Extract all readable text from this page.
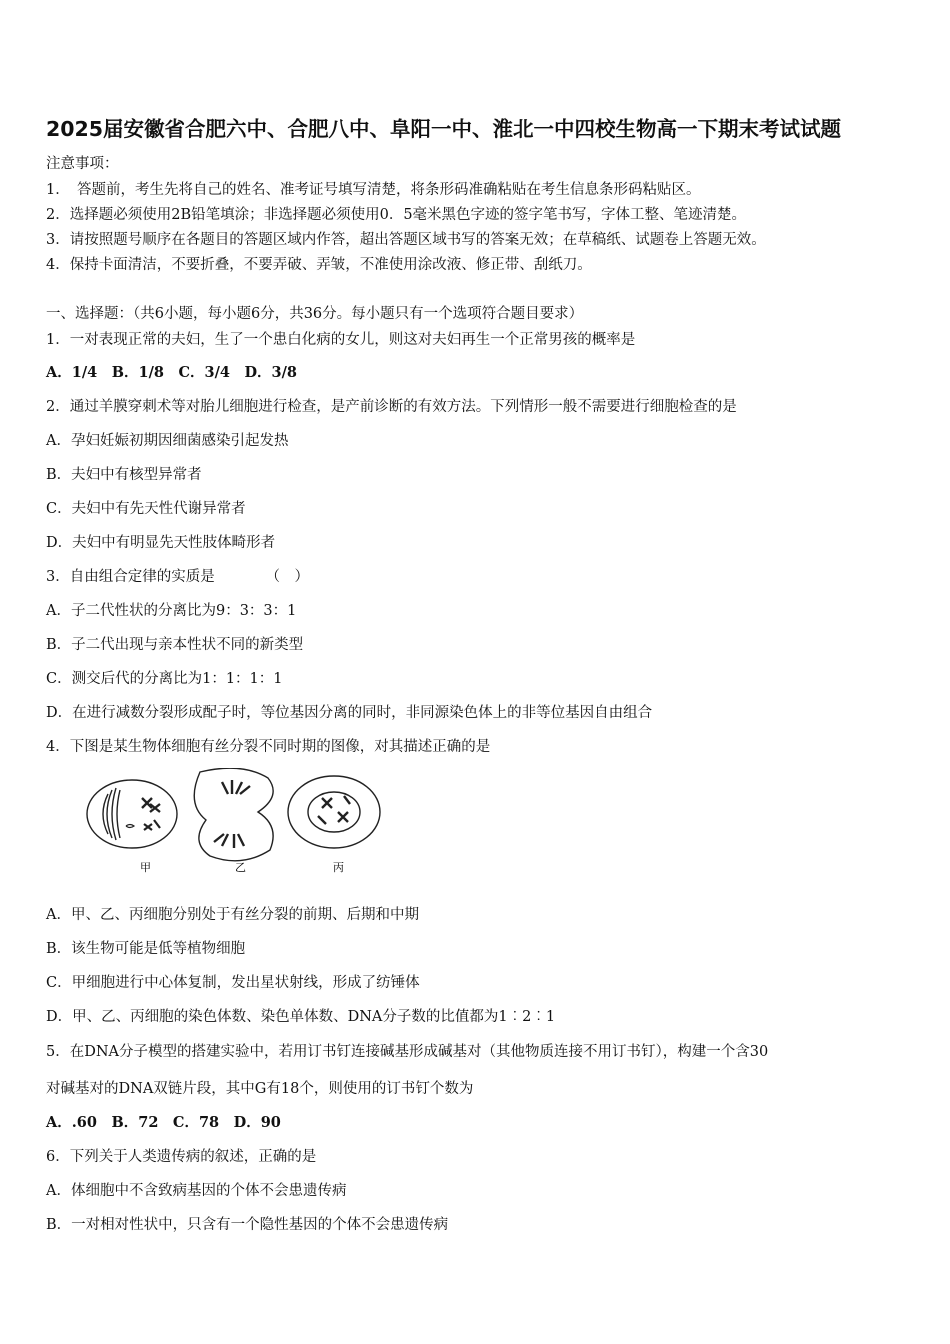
2025届安徽省合肥六中、合肥八中、阜阳一中、淮北一中四校生物高一下期末考试试题
注意事项：
1．　答题前，考生先将自己的姓名、准考证号填写清楚，将条形码准确粘贴在考生信息条形码粘贴区。
2．选择题必须使用2B铅笔填涂；非选择题必须使用0．5毫米黑色字迹的签字笔书写，字体工整、笔迹清楚。
3．请按照题号顺序在各题目的答题区域内作答，超出答题区域书写的答案无效；在草稿纸、试题卷上答题无效。
4．保持卡面清洁，不要折叠，不要弄破、弄皱，不准使用涂改液、修正带、刮纸刀。
一、选择题：（共6小题，每小题6分，共36分。每小题只有一个选项符合题目要求）
1．一对表现正常的夫妇，生了一个患白化病的女儿，则这对夫妇再生一个正常男孩的概率是
A．1/4　B．1/8　C．3/4　D．3/8
2．通过羊膜穿刺术等对胎儿细胞进行检查，是产前诊断的有效方法。下列情形一般不需要进行细胞检查的是
A．孕妇妊娠初期因细菌感染引起发热
B．夫妇中有核型异常者
C．夫妇中有先天性代谢异常者
D．夫妇中有明显先天性肢体畸形者
3．自由组合定律的实质是　　　　（　）
A．子二代性状的分离比为9：3：3：1
B．子二代出现与亲本性状不同的新类型
C．测交后代的分离比为1：1：1：1
D．在进行减数分裂形成配子时，等位基因分离的同时，非同源染色体上的非等位基因自由组合
4．下图是某生物体细胞有丝分裂不同时期的图像，对其描述正确的是
甲	乙	丙
A．甲、乙、丙细胞分别处于有丝分裂的前期、后期和中期
B．该生物可能是低等植物细胞
C．甲细胞进行中心体复制，发出星状射线，形成了纺锤体
D．甲、乙、丙细胞的染色体数、染色单体数、DNA分子数的比值都为1︰2︰1
5．在DNA分子模型的搭建实验中，若用订书钉连接碱基形成碱基对（其他物质连接不用订书钉），构建一个含30
对碱基对的DNA双链片段，其中G有18个，则使用的订书钉个数为
A．.60　B．72　C．78　D．90
6．下列关于人类遗传病的叙述，正确的是
A．体细胞中不含致病基因的个体不会患遗传病
B．一对相对性状中，只含有一个隐性基因的个体不会患遗传病
